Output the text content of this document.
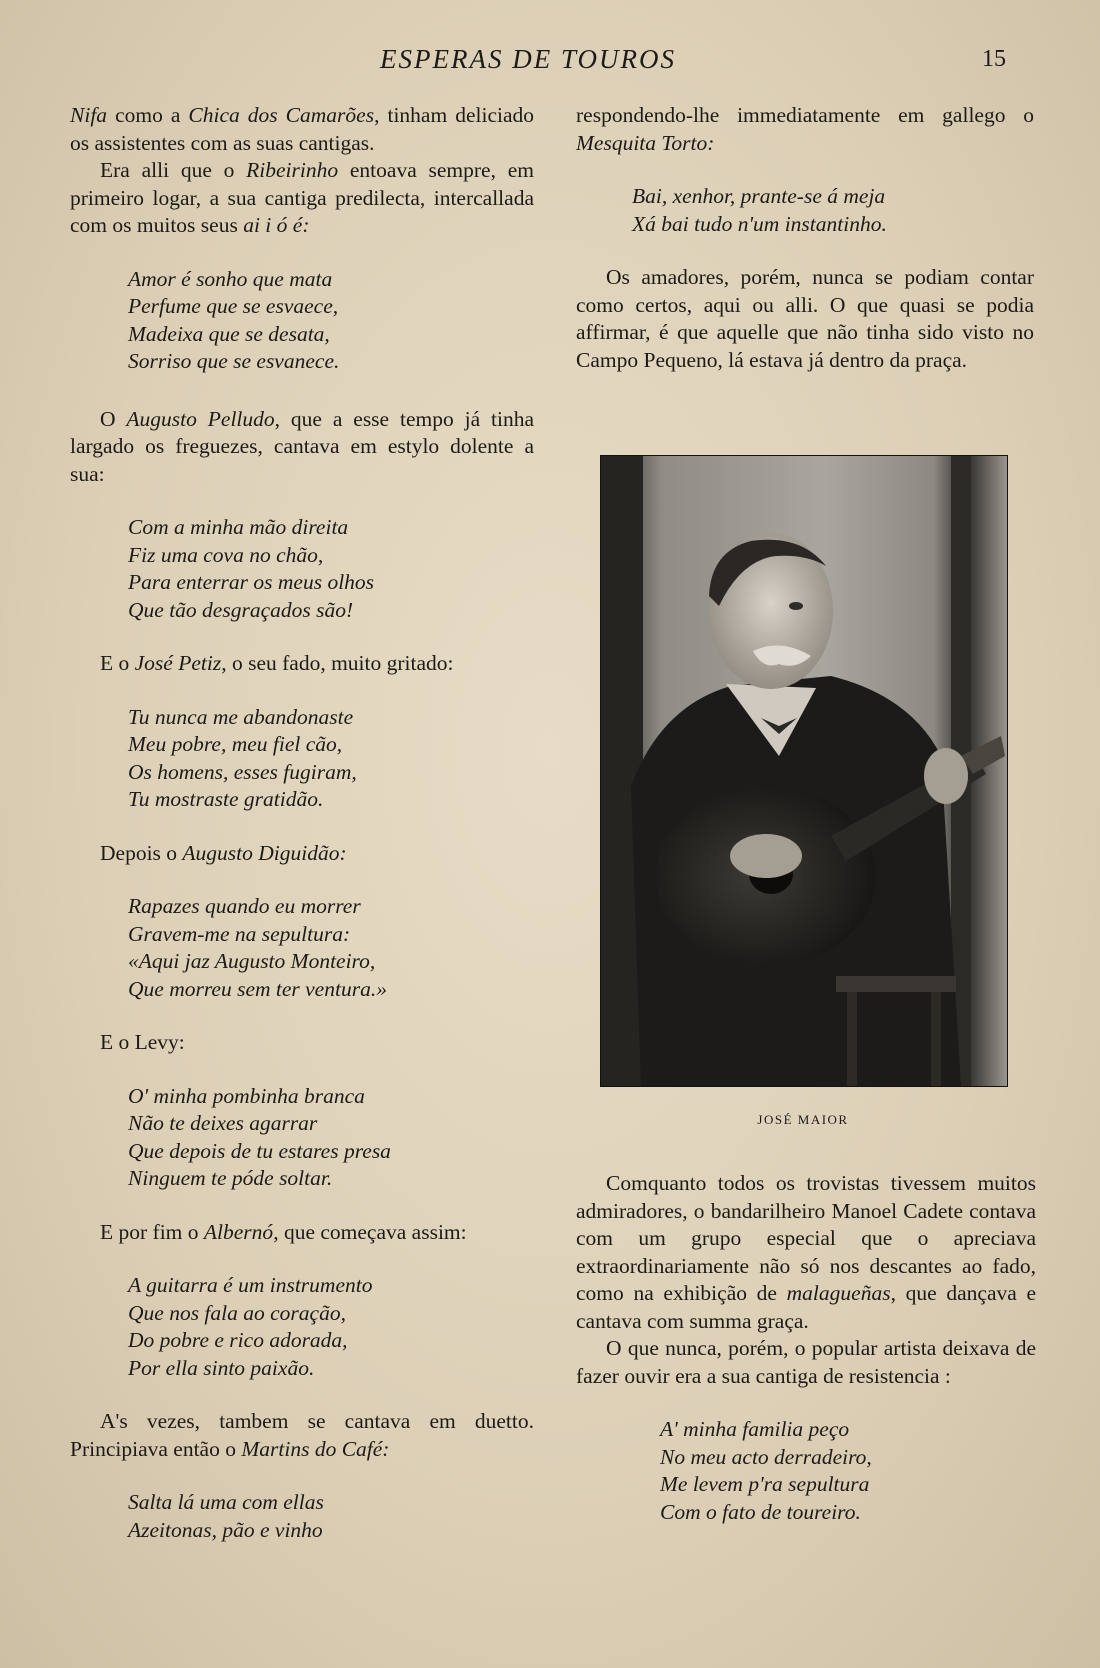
ESPERAS DE TOUROS	15

Nifa como a Chica dos Camarões, tinham deliciado os assistentes com as suas cantigas.

Era alli que o Ribeirinho entoava sempre, em primeiro logar, a sua cantiga predilecta, intercallada com os muitos seus ai i ó é:

Amor é sonho que mata
Perfume que se esvaece,
Madeixa que se desata,
Sorriso que se esvanece.

O Augusto Pelludo, que a esse tempo já tinha largado os freguezes, cantava em estylo dolente a sua:

Com a minha mão direita
Fiz uma cova no chão,
Para enterrar os meus olhos
Que tão desgraçados são!

E o José Petiz, o seu fado, muito gritado:

Tu nunca me abandonaste
Meu pobre, meu fiel cão,
Os homens, esses fugiram,
Tu mostraste gratidão.

Depois o Augusto Diguidão:

Rapazes quando eu morrer
Gravem-me na sepultura:
«Aqui jaz Augusto Monteiro,
Que morreu sem ter ventura.»

E o Levy:

O' minha pombinha branca
Não te deixes agarrar
Que depois de tu estares presa
Ninguem te póde soltar.

E por fim o Albernó, que começava assim:

A guitarra é um instrumento
Que nos fala ao coração,
Do pobre e rico adorada,
Por ella sinto paixão.

A's vezes, tambem se cantava em duetto. Principiava então o Martins do Café:

Salta lá uma com ellas
Azeitonas, pão e vinho

respondendo-lhe immediatamente em gallego o Mesquita Torto:

Bai, xenhor, prante-se á meja
Xá bai tudo n'um instantinho.

Os amadores, porém, nunca se podiam contar como certos, aqui ou alli. O que quasi se podia affirmar, é que aquelle que não tinha sido visto no Campo Pequeno, lá estava já dentro da praça.

JOSÉ MAIOR

Comquanto todos os trovistas tivessem muitos admiradores, o bandarilheiro Manoel Cadete contava com um grupo especial que o apreciava extraordinariamente não só nos descantes ao fado, como na exhibição de malagueñas, que dançava e cantava com summa graça.

O que nunca, porém, o popular artista deixava de fazer ouvir era a sua cantiga de resistencia :

A' minha familia peço
No meu acto derradeiro,
Me levem p'ra sepultura
Com o fato de toureiro.
